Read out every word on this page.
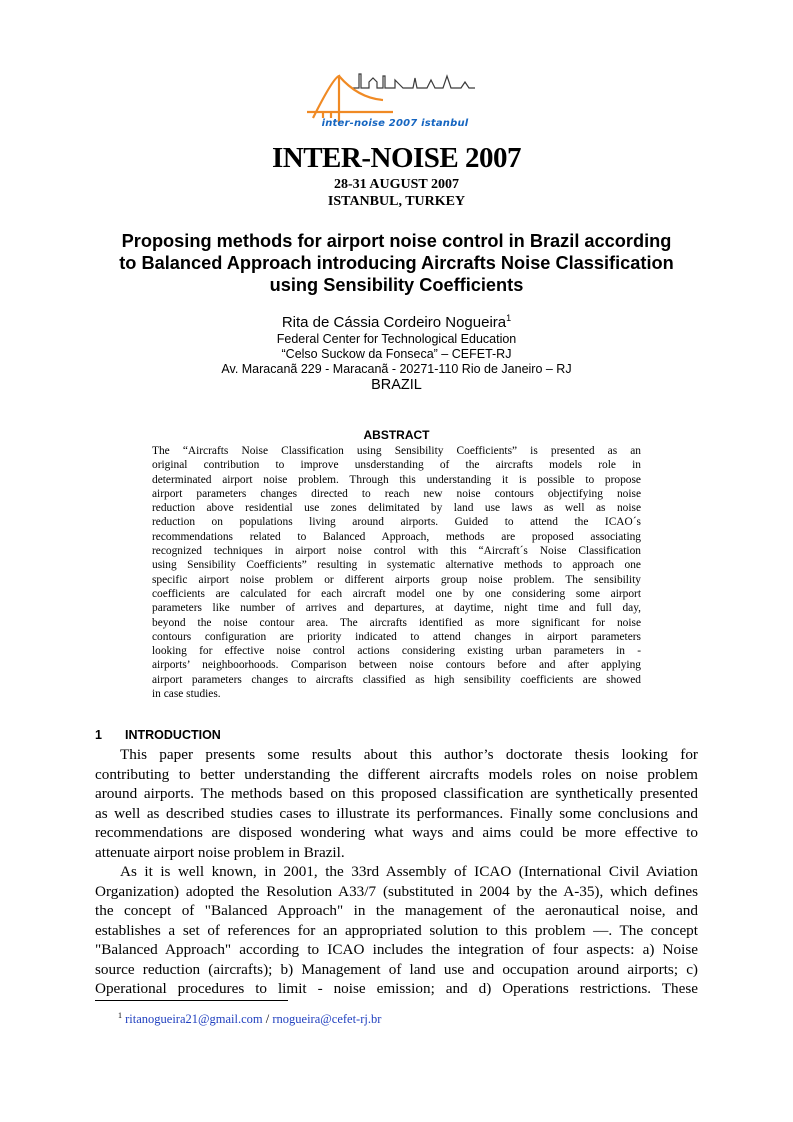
inter-noise 2007 istanbul
INTER-NOISE 2007
28-31 AUGUST 2007
ISTANBUL, TURKEY
Proposing methods for airport noise control in Brazil according
to Balanced Approach introducing Aircrafts Noise Classification
using Sensibility Coefficients
Rita de Cássia Cordeiro Nogueira$^1$
Federal Center for Technological Education
“Celso Suckow da Fonseca” – CEFET-RJ
Av. Maracanã 229 - Maracanã - 20271-110 Rio de Janeiro – RJ
BRAZIL
ABSTRACT
The “Aircrafts Noise Classification using Sensibility Coefficients” is presented as an
original contribution to improve unsderstanding of the aircrafts models role in
determinated airport noise problem. Through this understanding it is possible to propose
airport parameters changes directed to reach new noise contours objectifying noise
reduction above residential use zones delimitated by land use laws as well as noise
reduction on populations living around airports. Guided to attend the ICAO´s
recommendations related to Balanced Approach, methods are proposed associating
recognized techniques in airport noise control with this “Aircraft´s Noise Classification
using Sensibility Coefficients” resulting in systematic alternative methods to approach one
specific airport noise problem or different airports group noise problem. The sensibility
coefficients are calculated for each aircraft model one by one considering some airport
parameters like number of arrives and departures, at daytime, night time and full day,
beyond the noise contour area. The aircrafts identified as more significant for noise
contours configuration are priority indicated to attend changes in airport parameters
looking for effective noise control actions considering existing urban parameters in -
airports’ neighboorhoods. Comparison between noise contours before and after applying
airport parameters changes to aircrafts classified as high sensibility coefficients are showed
in case studies.
1 INTRODUCTION
This paper presents some results about this author’s doctorate thesis looking for
contributing to better understanding the different aircrafts models roles on noise problem
around airports. The methods based on this proposed classification are synthetically presented
as well as described studies cases to illustrate its performances. Finally some conclusions and
recommendations are disposed wondering what ways and aims could be more effective to
attenuate airport noise problem in Brazil.
As it is well known, in 2001, the 33rd Assembly of ICAO (International Civil Aviation
Organization) adopted the Resolution A33/7 (substituted in 2004 by the A-35), which defines
the concept of "Balanced Approach" in the management of the aeronautical noise, and
establishes a set of references for an appropriated solution to this problem ––. The concept
"Balanced Approach" according to ICAO includes the integration of four aspects: a) Noise
source reduction (aircrafts); b) Management of land use and occupation around airports; c)
Operational procedures to limit - noise emission; and d) Operations restrictions. These
$^1$ ritanogueira21@gmail.com / rnogueira@cefet-rj.br
